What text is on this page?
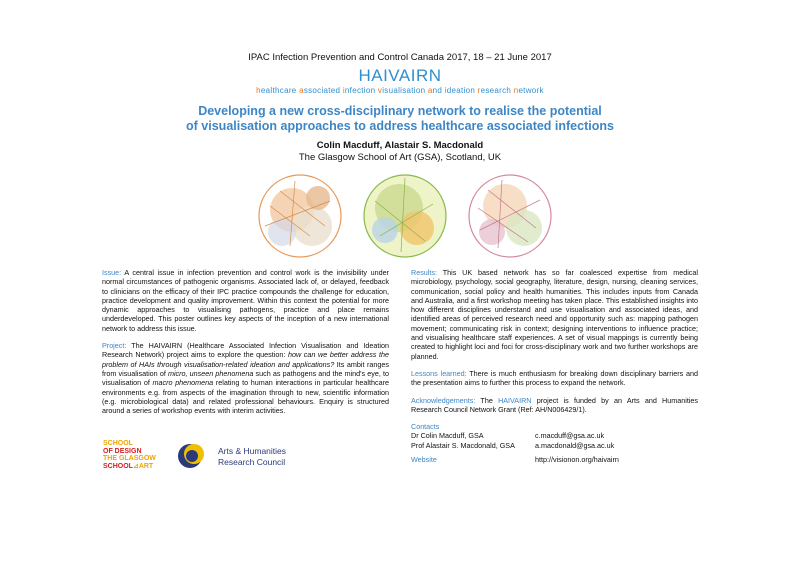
IPAC Infection Prevention and Control Canada 2017, 18 – 21 June 2017
HAIVAIRN
healthcare associated infection visualisation and ideation research network
Developing a new cross-disciplinary network to realise the potential
of visualisation approaches to address healthcare associated infections
Colin Macduff, Alastair S. Macdonald
The Glasgow School of Art (GSA), Scotland, UK

Issue: A central issue in infection prevention and control work is the invisibility under normal circumstances of pathogenic organisms. Associated lack of, or delayed, feedback to clinicians on the efficacy of their IPC practice compounds the challenge for education, practice development and quality improvement. Within this context the potential for more dynamic approaches to visualising pathogens, practice and place remains underdeveloped. This poster outlines key aspects of the inception of a new international network to address this issue.

Project: The HAIVAIRN (Healthcare Associated Infection Visualisation and Ideation Research Network) project aims to explore the question: how can we better address the problem of HAIs through visualisation-related ideation and applications? Its ambit ranges from visualisation of micro, unseen phenomena such as pathogens and the mind's eye, to visualisation of macro phenomena relating to human interactions in particular healthcare environments e.g. from aspects of the imagination through to new, scientific information (e.g. microbiological data) and related professional behaviours. Enquiry is structured around a series of workshop events with interim activities.

Results: This UK based network has so far coalesced expertise from medical microbiology, psychology, social geography, literature, design, nursing, cleaning services, communication, social policy and health humanities. This includes inputs from Canada and Australia, and a first workshop meeting has taken place. This established insights into how different disciplines understand and use visualisation and associated ideas, and identified areas of perceived research need and opportunity such as: mapping pathogen movement; communicating risk in context; designing interventions to influence practice; and visualising healthcare staff experiences. A set of visual mappings is currently being created to highlight loci and foci for cross-disciplinary work and two further workshops are planned.

Lessons learned: There is much enthusiasm for breaking down disciplinary barriers and the presentation aims to further this process to expand the network.

Acknowledgements: The HAIVAIRN project is funded by an Arts and Humanities Research Council Network Grant (Ref: AH/N006429/1).

Contacts
Dr Colin Macduff, GSA	c.macduff@gsa.ac.uk
Prof Alastair S. Macdonald, GSA	a.macdonald@gsa.ac.uk
Website	http://visionon.org/haivairn
SCHOOL
OF DESIGN
THE GLASGOW
SCHOOL⊿ART
Arts & Humanities
Research Council
